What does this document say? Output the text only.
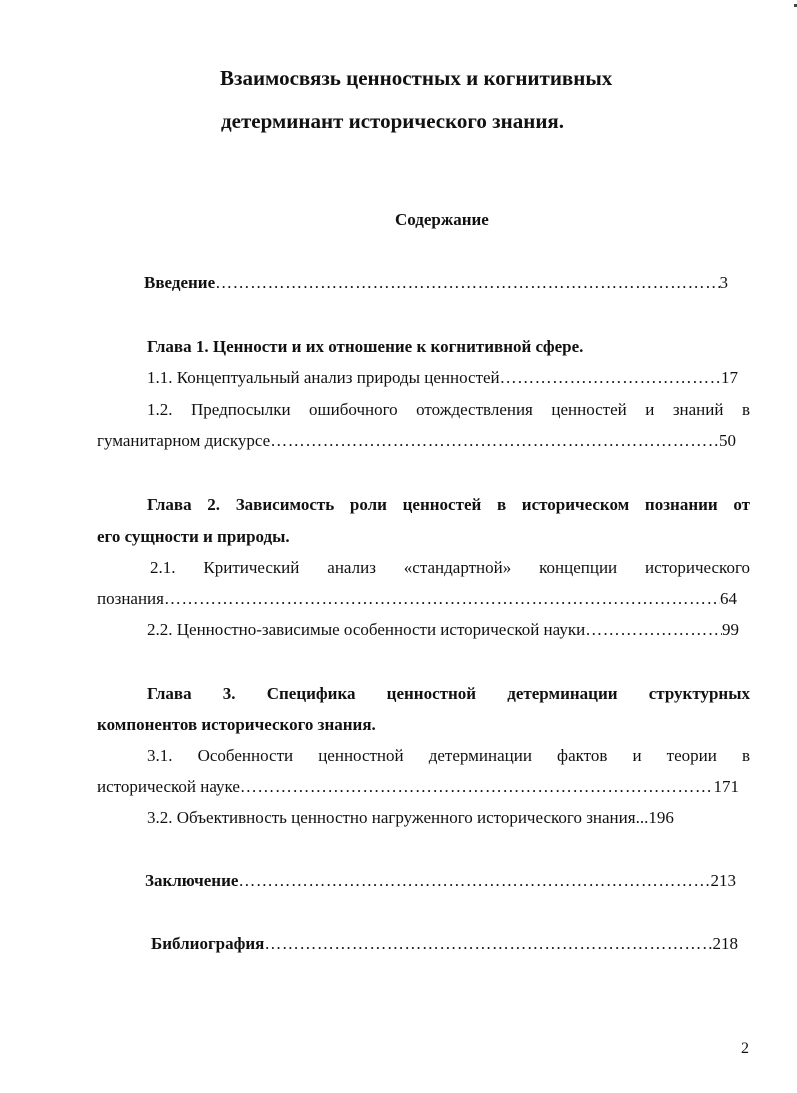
Взаимосвязь ценностных и когнитивных
детерминант исторического знания.
Содержание
Введение …………………………………………………………………………………………………………………………………………………………………………………	3
Глава 1. Ценности и их отношение к когнитивной сфере.
1.1. Концептуальный анализ природы ценностей …………………………………………………………………………………………………………………………………………………………………………………	17
1.2. Предпосылки ошибочного отождествления ценностей и знаний в
гуманитарном дискурсе …………………………………………………………………………………………………………………………………………………………………………………	50
Глава 2. Зависимость роли ценностей в историческом познании от
его сущности и природы.
2.1. Критический анализ «стандартной» концепции исторического
познания …………………………………………………………………………………………………………………………………………………………………………………	64
2.2. Ценностно-зависимые особенности исторической науки …………………………………………………………………………………………………………………………………………………………………………………	99
Глава 3. Специфика ценностной детерминации структурных
компонентов исторического знания.
3.1. Особенности ценностной детерминации фактов и теории в
исторической науке …………………………………………………………………………………………………………………………………………………………………………………	171
3.2. Объективность ценностно нагруженного исторического знания... 196
Заключение …………………………………………………………………………………………………………………………………………………………………………………	213
Библиография …………………………………………………………………………………………………………………………………………………………………………………	218
2
